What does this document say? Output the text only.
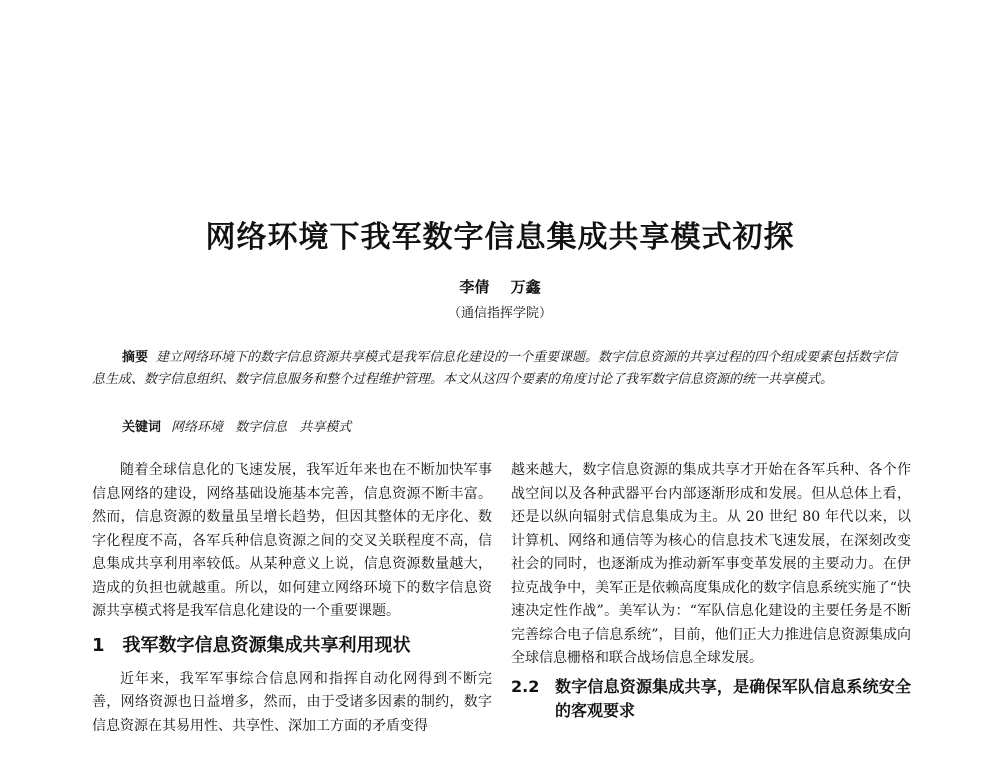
网络环境下我军数字信息集成共享模式初探
李倩 万鑫
（通信指挥学院）

摘要 建立网络环境下的数字信息资源共享模式是我军信息化建设的一个重要课题。数字信息资源的共享过程的四个组成要素包括数字信息生成、数字信息组织、数字信息服务和整个过程维护管理。本文从这四个要素的角度讨论了我军数字信息资源的统一共享模式。

关键词 网络环境 数字信息 共享模式

随着全球信息化的飞速发展，我军近年来也在不断加快军事信息网络的建设，网络基础设施基本完善，信息资源不断丰富。然而，信息资源的数量虽呈增长趋势，但因其整体的无序化、数字化程度不高，各军兵种信息资源之间的交叉关联程度不高，信息集成共享利用率较低。从某种意义上说，信息资源数量越大，造成的负担也就越重。所以，如何建立网络环境下的数字信息资源共享模式将是我军信息化建设的一个重要课题。

1 我军数字信息资源集成共享利用现状

近年来，我军军事综合信息网和指挥自动化网得到不断完善，网络资源也日益增多，然而，由于受诸多因素的制约，数字信息资源在其易用性、共享性、深加工方面的矛盾变得

越来越大，数字信息资源的集成共享才开始在各军兵种、各个作战空间以及各种武器平台内部逐渐形成和发展。但从总体上看，还是以纵向辐射式信息集成为主。从 20 世纪 80 年代以来，以计算机、网络和通信等为核心的信息技术飞速发展，在深刻改变社会的同时，也逐渐成为推动新军事变革发展的主要动力。在伊拉克战争中，美军正是依赖高度集成化的数字信息系统实施了“快速决定性作战”。美军认为：“军队信息化建设的主要任务是不断完善综合电子信息系统”，目前，他们正大力推进信息资源集成向全球信息栅格和联合战场信息全球发展。

2.2 数字信息资源集成共享，是确保军队信息系统安全的客观要求
